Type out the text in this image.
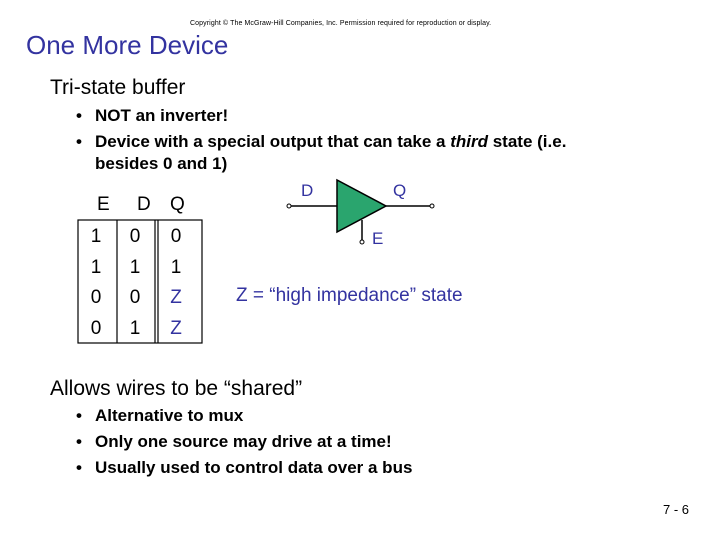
Copyright © The McGraw-Hill Companies, Inc. Permission required for reproduction or display.
One More Device
Tri-state buffer
• NOT an inverter!
• Device with a special output that can take a third state (i.e.
besides 0 and 1)
E D Q
1	0	0
1	1	1
0	0	Z
0	1	Z
D	Q
E
Z = “high impedance” state
Allows wires to be “shared”
• Alternative to mux
• Only one source may drive at a time!
• Usually used to control data over a bus
7 - 6
